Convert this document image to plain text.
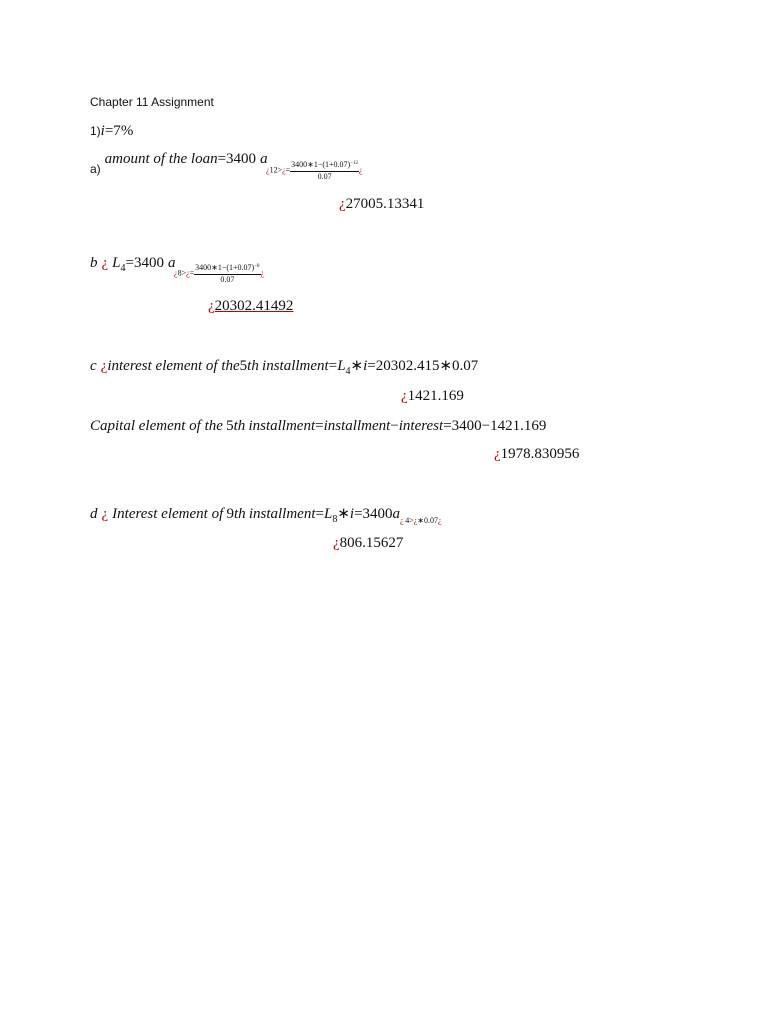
Chapter 11 Assignment
1)i=7%
$_{a)}$ amount of the loan=3400 a
¿12>¿= $\frac{3400∗1-(1+0.07)^{-12}}{0.07}$ ¿
¿27005.13341
b ¿ $L_4=3400$ a
¿8>¿= $\frac{3400∗1-(1+0.07)^{-8}}{0.07}$ ¿
¿20302.41492
c ¿interest element of the5th  $installment=L_4∗i=20302.415∗0.07$
¿1421.169
Capital element of the  5th  installment=installment−interest=3400−1421.169
¿1978.830956
d ¿ Interest element of  9th  $installment=L_8∗i=3400a_{¿ 4>¿∗0.07¿}$
¿806.15627
